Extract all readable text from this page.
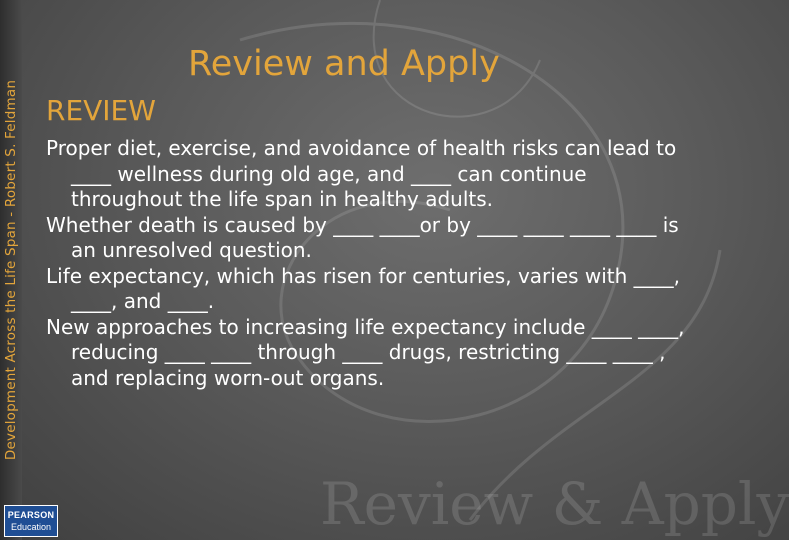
Development Across the Life Span - Robert S. Feldman
Review and Apply
REVIEW

Proper diet, exercise, and avoidance of health risks can lead to ____ wellness during old age, and ____ can continue throughout the life span in healthy adults.

Whether death is caused by ____ ____or by ____ ____ ____ ____ is an unresolved question.

Life expectancy, which has risen for centuries, varies with ____, ____, and ____.

New approaches to increasing life expectancy include ____ ____, reducing ____ ____ through ____ drugs, restricting ____ ____ , and replacing worn-out organs.

Review & Apply
PEARSON
Education
